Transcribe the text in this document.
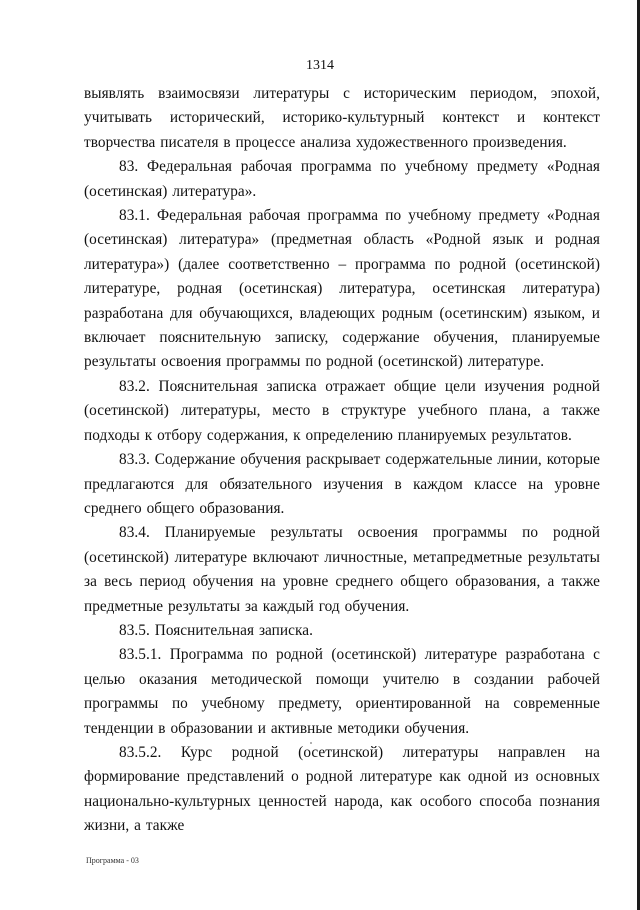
1314

выявлять взаимосвязи литературы с историческим периодом, эпохой, учитывать исторический, историко-культурный контекст и контекст творчества писателя в процессе анализа художественного произведения.

83. Федеральная рабочая программа по учебному предмету «Родная (осетинская) литература».

83.1. Федеральная рабочая программа по учебному предмету «Родная (осетинская) литература» (предметная область «Родной язык и родная литература») (далее соответственно – программа по родной (осетинской) литературе, родная (осетинская) литература, осетинская литература) разработана для обучающихся, владеющих родным (осетинским) языком, и включает пояснительную записку, содержание обучения, планируемые результаты освоения программы по родной (осетинской) литературе.

83.2. Пояснительная записка отражает общие цели изучения родной (осетинской) литературы, место в структуре учебного плана, а также подходы к отбору содержания, к определению планируемых результатов.

83.3. Содержание обучения раскрывает содержательные линии, которые предлагаются для обязательного изучения в каждом классе на уровне среднего общего образования.

83.4. Планируемые результаты освоения программы по родной (осетинской) литературе включают личностные, метапредметные результаты за весь период обучения на уровне среднего общего образования, а также предметные результаты за каждый год обучения.

83.5. Пояснительная записка.

83.5.1. Программа по родной (осетинской) литературе разработана с целью оказания методической помощи учителю в создании рабочей программы по учебному предмету, ориентированной на современные тенденции в образовании и активные методики обучения.

83.5.2. Курс родной (осетинской) литературы направлен на формирование представлений о родной литературе как одной из основных национально-культурных ценностей народа, как особого способа познания жизни, а также

Программа - 03
